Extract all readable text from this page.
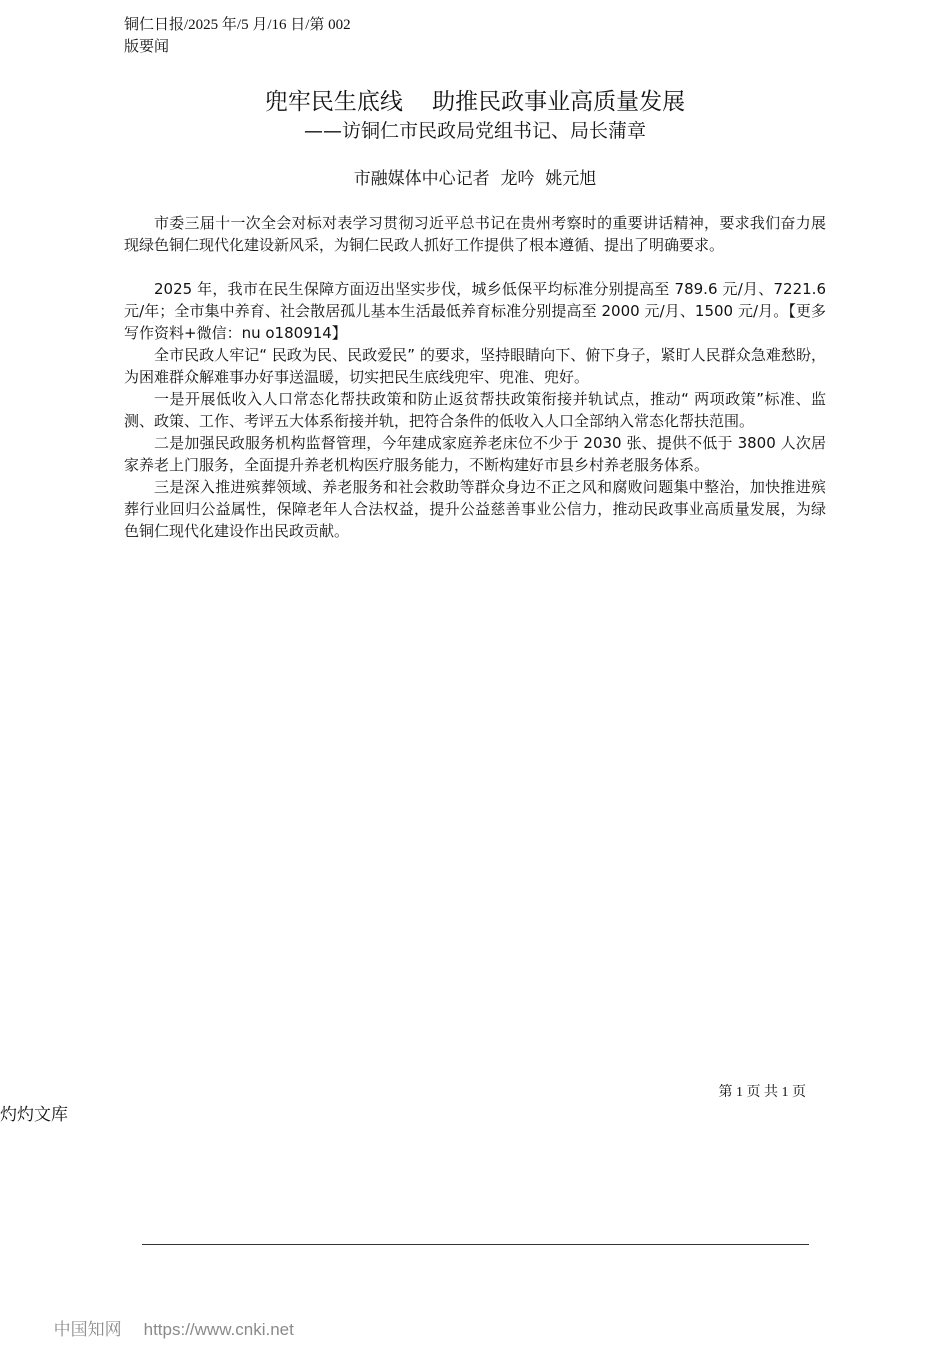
铜仁日报/2025 年/5 月/16 日/第 002
版要闻
兜牢民生底线    助推民政事业高质量发展
——访铜仁市民政局党组书记、局长蒲章
市融媒体中心记者  龙吟  姚元旭

市委三届十一次全会对标对表学习贯彻习近平总书记在贵州考察时的重要讲话精神，要求我们奋力展现绿色铜仁现代化建设新风采，为铜仁民政人抓好工作提供了根本遵循、提出了明确要求。

2025 年，我市在民生保障方面迈出坚实步伐，城乡低保平均标准分别提高至 789.6 元/月、7221.6 元/年；全市集中养育、社会散居孤儿基本生活最低养育标准分别提高至 2000 元/月、1500 元/月。【更多写作资料+微信：nu o180914】

全市民政人牢记“ 民政为民、民政爱民” 的要求，坚持眼睛向下、俯下身子，紧盯人民群众急难愁盼，为困难群众解难事办好事送温暖，切实把民生底线兜牢、兜准、兜好。

一是开展低收入人口常态化帮扶政策和防止返贫帮扶政策衔接并轨试点，推动“ 两项政策”标准、监测、政策、工作、考评五大体系衔接并轨，把符合条件的低收入人口全部纳入常态化帮扶范围。

二是加强民政服务机构监督管理，今年建成家庭养老床位不少于 2030 张、提供不低于 3800 人次居家养老上门服务，全面提升养老机构医疗服务能力，不断构建好市县乡村养老服务体系。

三是深入推进殡葬领域、养老服务和社会救助等群众身边不正之风和腐败问题集中整治，加快推进殡葬行业回归公益属性，保障老年人合法权益，提升公益慈善事业公信力，推动民政事业高质量发展，为绿色铜仁现代化建设作出民政贡献。

第 1 页 共 1 页
灼灼文库

中国知网 https://www.cnki.net
